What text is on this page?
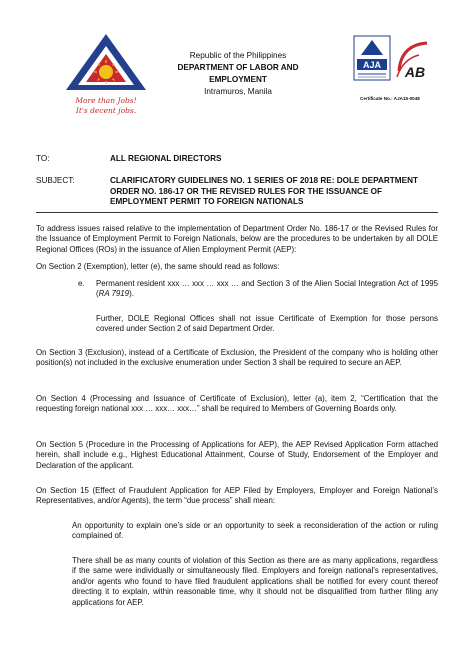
More than Jobs!
It's decent jobs.
Republic of the Philippines
DEPARTMENT OF LABOR AND EMPLOYMENT
Intramuros, Manila
AJA AB
Certificate No.: AJA15-0048
TO:	ALL REGIONAL DIRECTORS
SUBJECT:	CLARIFICATORY GUIDELINES NO. 1 SERIES OF 2018 RE: DOLE DEPARTMENT ORDER NO. 186-17 OR THE REVISED RULES FOR THE ISSUANCE OF EMPLOYMENT PERMIT TO FOREIGN NATIONALS

To address issues raised relative to the implementation of Department Order No. 186-17 or the Revised Rules for the Issuance of Employment Permit to Foreign Nationals, below are the procedures to be undertaken by all DOLE Regional Offices (ROs) in the issuance of Alien Employment Permit (AEP):

On Section 2 (Exemption), letter (e), the same should read as follows:

e. Permanent resident xxx … xxx … xxx … and Section 3 of the Alien Social Integration Act of 1995 (RA 7919).

Further, DOLE Regional Offices shall not issue Certificate of Exemption for those persons covered under Section 2 of said Department Order.

On Section 3 (Exclusion), instead of a Certificate of Exclusion, the President of the company who is holding other position(s) not included in the exclusive enumeration under Section 3 shall be required to secure an AEP.

On Section 4 (Processing and Issuance of Certificate of Exclusion), letter (a), item 2, “Certification that the requesting foreign national xxx … xxx… xxx…” shall be required to Members of Governing Boards only.

On Section 5 (Procedure in the Processing of Applications for AEP), the AEP Revised Application Form attached herein, shall include e.g., Highest Educational Attainment, Course of Study, Endorsement of the Employer and Declaration of the applicant.

On Section 15 (Effect of Fraudulent Application for AEP Filed by Employers, Employer and Foreign National’s Representatives, and/or Agents), the term “due process” shall mean:

An opportunity to explain one’s side or an opportunity to seek a reconsideration of the action or ruling complained of.

There shall be as many counts of violation of this Section as there are as many applications, regardless if the same were individually or simultaneously filed. Employers and foreign national’s representatives, and/or agents who found to have filed fraudulent applications shall be notified for every count thereof directing it to explain, within reasonable time, why it should not be disqualified from further filing any applications for AEP.
